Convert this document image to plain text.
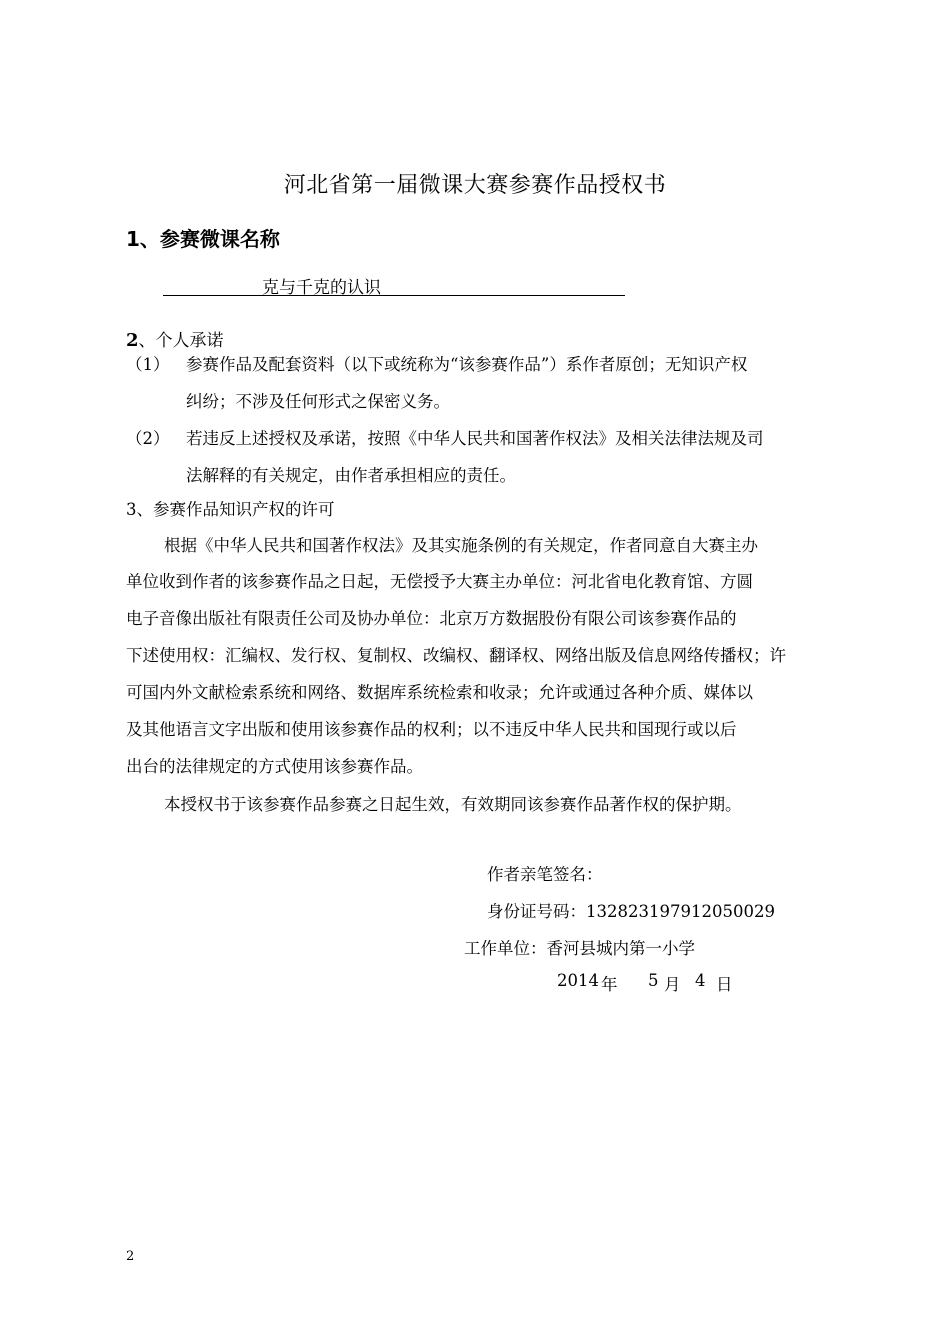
河北省第一届微课大赛参赛作品授权书
1、参赛微课名称
克与千克的认识
2、个人承诺
（1） 参赛作品及配套资料（以下或统称为“该参赛作品”）系作者原创；无知识产权
纠纷；不涉及任何形式之保密义务。
（2） 若违反上述授权及承诺，按照《中华人民共和国著作权法》及相关法律法规及司
法解释的有关规定，由作者承担相应的责任。
3、参赛作品知识产权的许可
根据《中华人民共和国著作权法》及其实施条例的有关规定，作者同意自大赛主办
单位收到作者的该参赛作品之日起，无偿授予大赛主办单位：河北省电化教育馆、方圆
电子音像出版社有限责任公司及协办单位：北京万方数据股份有限公司该参赛作品的
下述使用权：汇编权、发行权、复制权、改编权、翻译权、网络出版及信息网络传播权；许
可国内外文献检索系统和网络、数据库系统检索和收录；允许或通过各种介质、媒体以
及其他语言文字出版和使用该参赛作品的权利；以不违反中华人民共和国现行或以后
出台的法律规定的方式使用该参赛作品。
本授权书于该参赛作品参赛之日起生效，有效期同该参赛作品著作权的保护期。
作者亲笔签名：
身份证号码：132823197912050029
工作单位：香河县城内第一小学
2014 年 5 月 4 日
2
